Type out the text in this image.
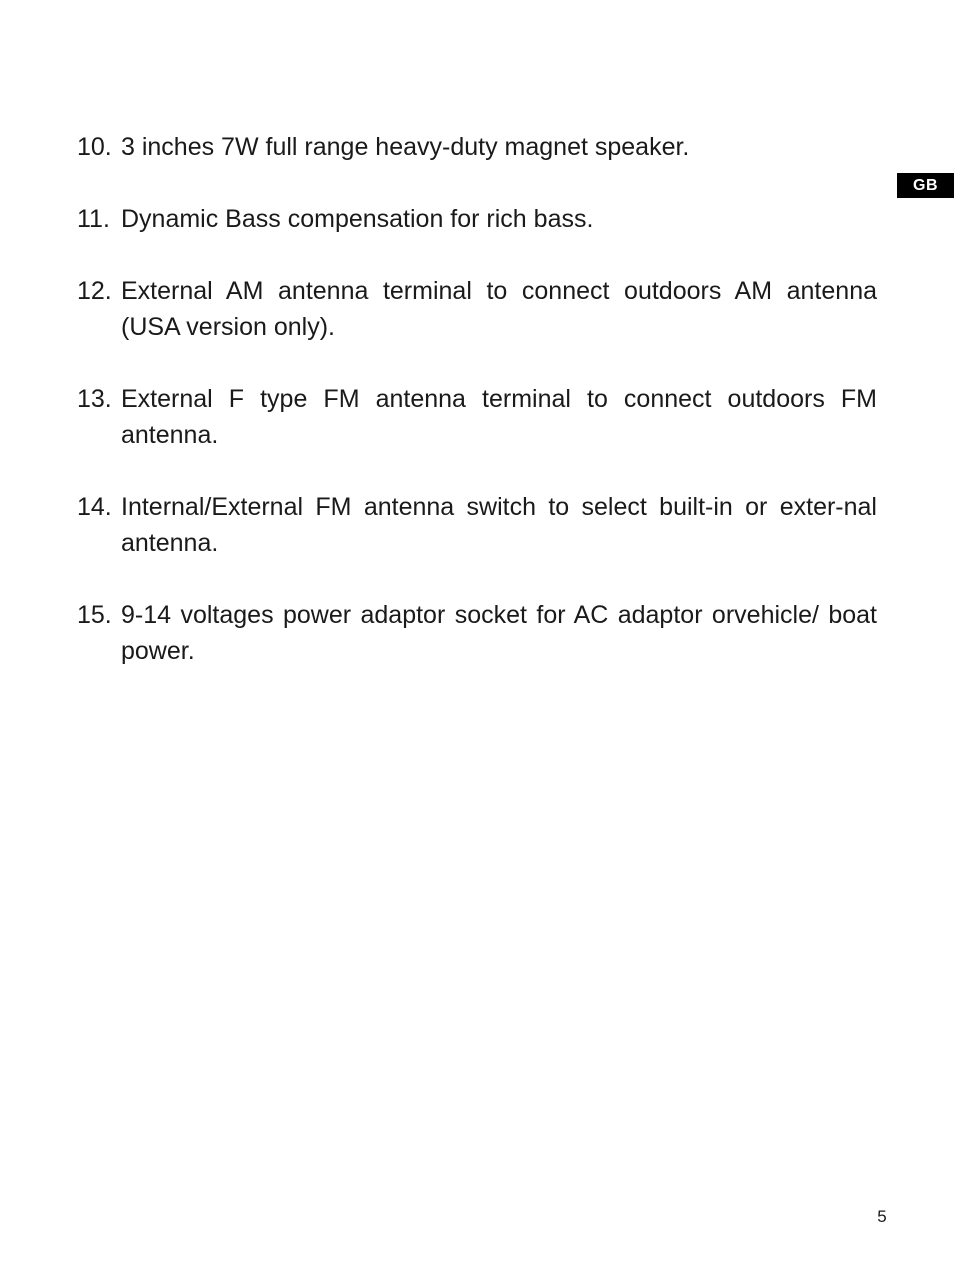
GB
10. 3 inches 7W full range heavy-duty magnet speaker.
11. Dynamic Bass compensation for rich bass.
12. External AM antenna terminal to connect outdoors AM antenna (USA version only).
13. External F type FM antenna terminal to connect outdoors FM antenna.
14. Internal/External FM antenna switch to select built-in or exter-nal antenna.
15. 9-14 voltages power adaptor socket for AC adaptor orvehicle/ boat power.
5
